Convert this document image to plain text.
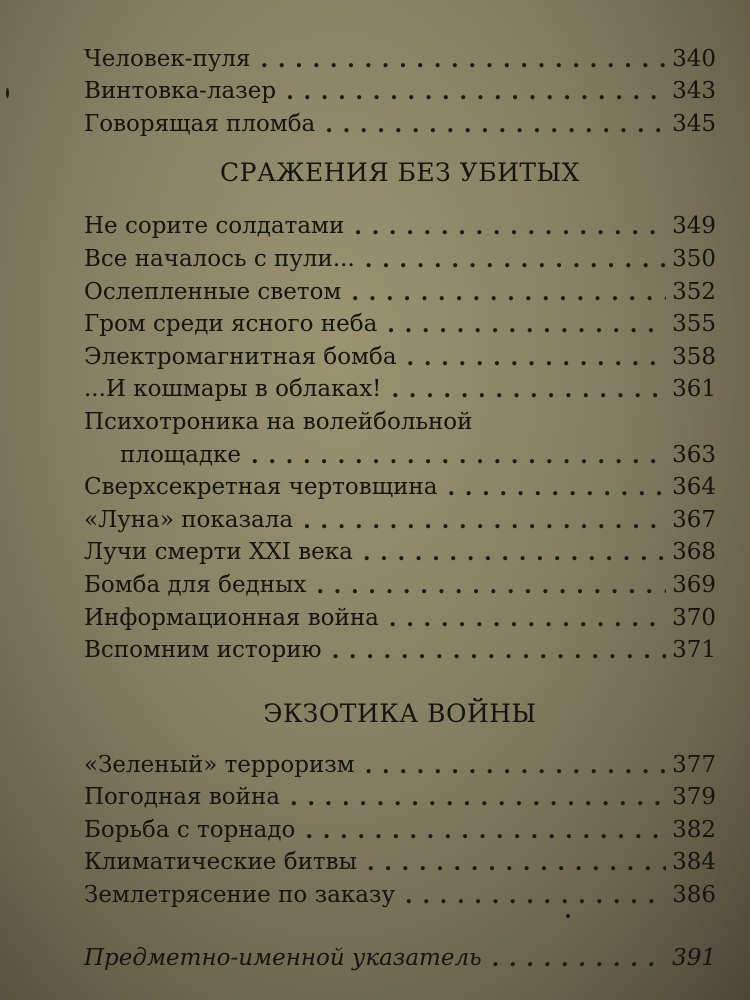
Человек-пуля . . .	340
Винтовка-лазер . . .	343
Говорящая пломба . . .	345
СРАЖЕНИЯ БЕЗ УБИТЫХ
Не сорите солдатами . . .	349
Все началось с пули... . . .	350
Ослепленные светом . . .	352
Гром среди ясного неба . . .	355
Электромагнитная бомба . . .	358
...И кошмары в облаках! . . .	361
Психотроника на волейбольной
площадке . . .	363
Сверхсекретная чертовщина . . .	364
«Луна» показала . . .	367
Лучи смерти XXI века . . .	368
Бомба для бедных . . .	369
Информационная война . . .	370
Вспомним историю . . .	371
ЭКЗОТИКА ВОЙНЫ
«Зеленый» терроризм . . .	377
Погодная война . . .	379
Борьба с торнадо . . .	382
Климатические битвы . . .	384
Землетрясение по заказу . . .	386
Предметно-именной указатель . . .	391
